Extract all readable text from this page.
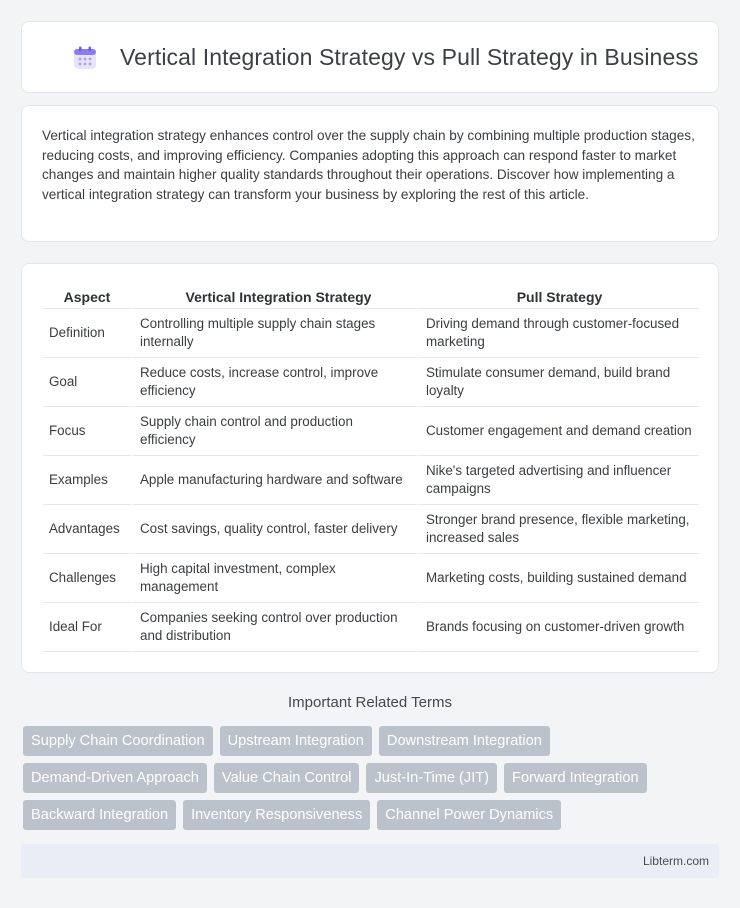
Vertical Integration Strategy vs Pull Strategy in Business

Vertical integration strategy enhances control over the supply chain by combining multiple production stages, reducing costs, and improving efficiency. Companies adopting this approach can respond faster to market changes and maintain higher quality standards throughout their operations. Discover how implementing a vertical integration strategy can transform your business by exploring the rest of this article.

Aspect	Vertical Integration Strategy	Pull Strategy
Definition	Controlling multiple supply chain stages internally	Driving demand through customer-focused marketing
Goal	Reduce costs, increase control, improve efficiency	Stimulate consumer demand, build brand loyalty
Focus	Supply chain control and production efficiency	Customer engagement and demand creation
Examples	Apple manufacturing hardware and software	Nike's targeted advertising and influencer campaigns
Advantages	Cost savings, quality control, faster delivery	Stronger brand presence, flexible marketing, increased sales
Challenges	High capital investment, complex management	Marketing costs, building sustained demand
Ideal For	Companies seeking control over production and distribution	Brands focusing on customer-driven growth
Important Related Terms
Supply Chain Coordination	Upstream Integration	Downstream Integration
Demand-Driven Approach	Value Chain Control	Just-In-Time (JIT)	Forward Integration
Backward Integration	Inventory Responsiveness	Channel Power Dynamics
Libterm.com
